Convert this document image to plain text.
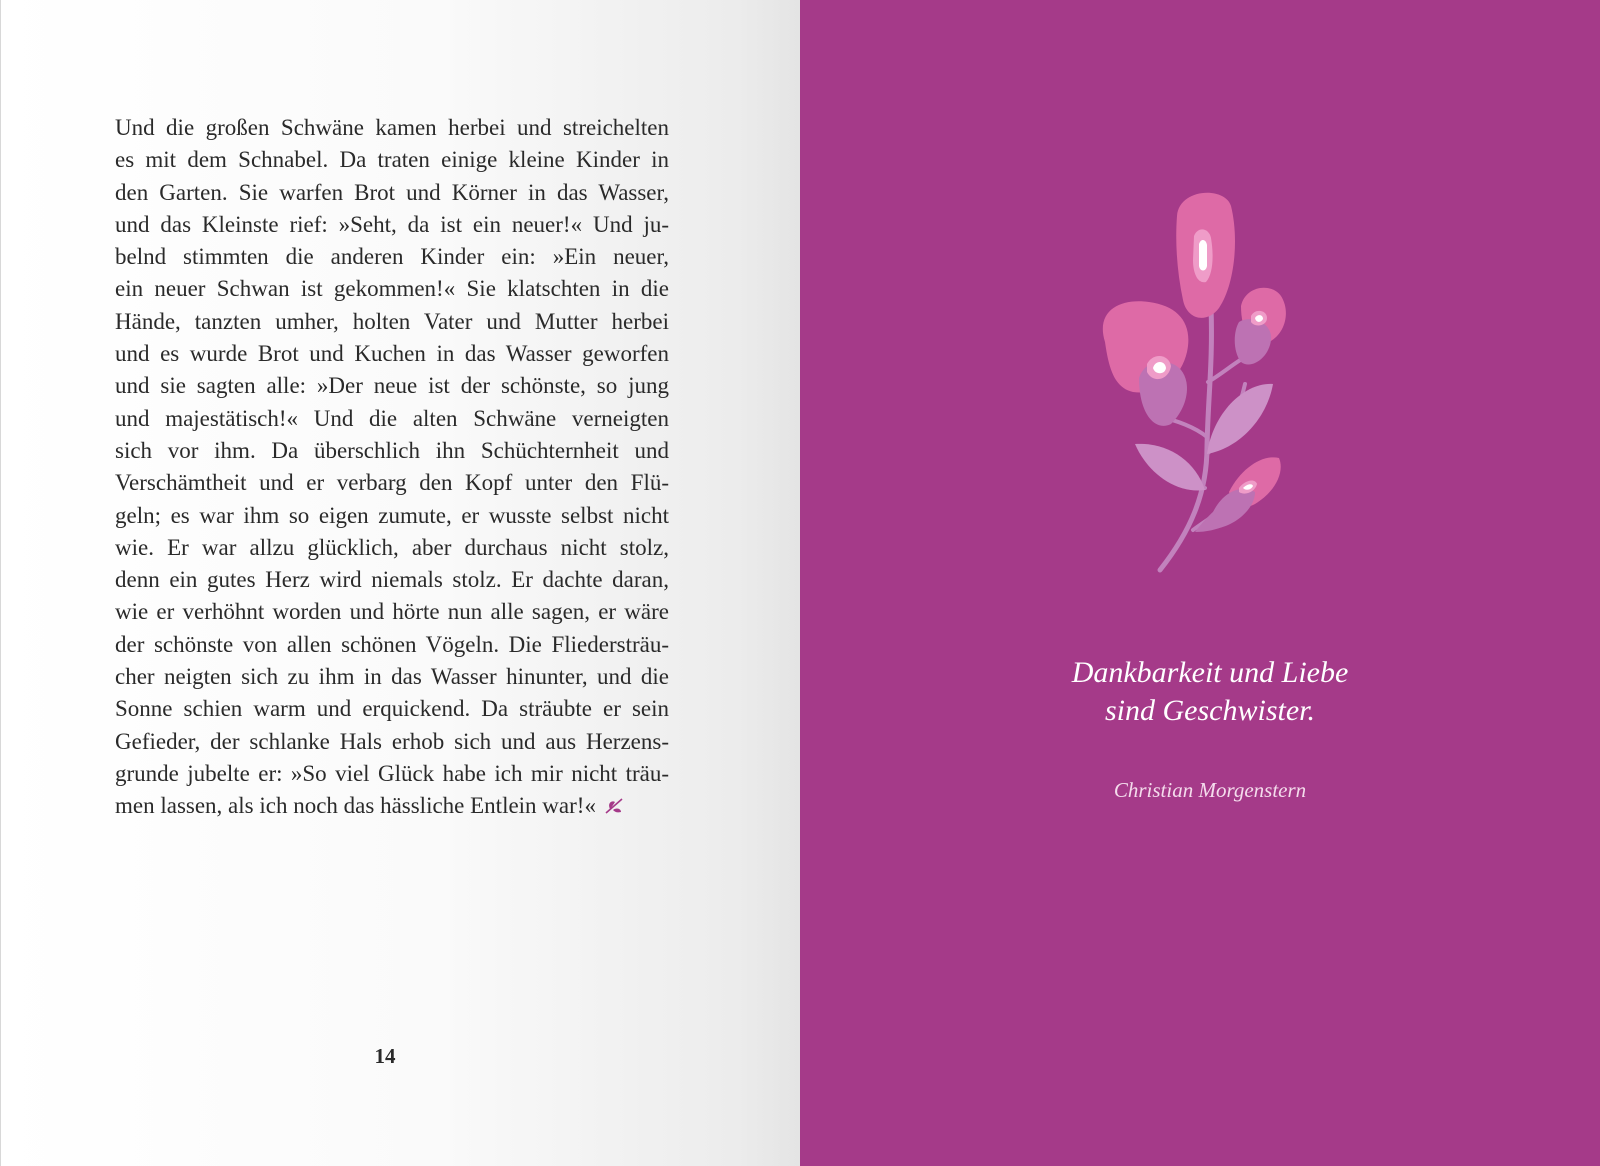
Und die großen Schwäne kamen herbei und streichelten
es mit dem Schnabel. Da traten einige kleine Kinder in
den Garten. Sie warfen Brot und Körner in das Wasser,
und das Kleinste rief: »Seht, da ist ein neuer!« Und ju-
belnd stimmten die anderen Kinder ein: »Ein neuer,
ein neuer Schwan ist gekommen!« Sie klatschten in die
Hände, tanzten umher, holten Vater und Mutter herbei
und es wurde Brot und Kuchen in das Wasser geworfen
und sie sagten alle: »Der neue ist der schönste, so jung
und majestätisch!« Und die alten Schwäne verneigten
sich vor ihm. Da überschlich ihn Schüchternheit und
Verschämtheit und er verbarg den Kopf unter den Flü-
geln; es war ihm so eigen zumute, er wusste selbst nicht
wie. Er war allzu glücklich, aber durchaus nicht stolz,
denn ein gutes Herz wird niemals stolz. Er dachte daran,
wie er verhöhnt worden und hörte nun alle sagen, er wäre
der schönste von allen schönen Vögeln. Die Fliedersträu-
cher neigten sich zu ihm in das Wasser hinunter, und die
Sonne schien warm und erquickend. Da sträubte er sein
Gefieder, der schlanke Hals erhob sich und aus Herzens-
grunde jubelte er: »So viel Glück habe ich mir nicht träu-
men lassen, als ich noch das hässliche Entlein war!«
14
Dankbarkeit und Liebe
sind Geschwister.
Christian Morgenstern
